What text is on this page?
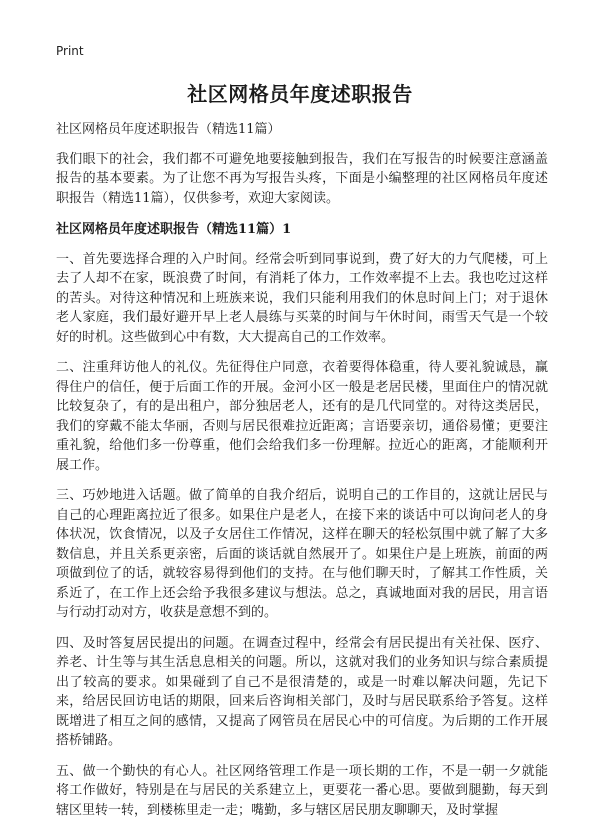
Print
社区网格员年度述职报告

社区网格员年度述职报告（精选11篇）

我们眼下的社会，我们都不可避免地要接触到报告，我们在写报告的时候要注意涵盖报告的基本要素。为了让您不再为写报告头疼，下面是小编整理的社区网格员年度述职报告（精选11篇），仅供参考，欢迎大家阅读。

社区网格员年度述职报告（精选11篇）1

一、首先要选择合理的入户时间。经常会听到同事说到，费了好大的力气爬楼，可上去了人却不在家，既浪费了时间，有消耗了体力，工作效率提不上去。我也吃过这样的苦头。对待这种情况和上班族来说，我们只能利用我们的休息时间上门；对于退休老人家庭，我们最好避开早上老人晨练与买菜的时间与午休时间，雨雪天气是一个较好的时机。这些做到心中有数，大大提高自己的工作效率。

二、注重拜访他人的礼仪。先征得住户同意，衣着要得体稳重，待人要礼貌诚恳，赢得住户的信任，便于后面工作的开展。金河小区一般是老居民楼，里面住户的情况就比较复杂了，有的是出租户，部分独居老人，还有的是几代同堂的。对待这类居民，我们的穿戴不能太华丽，否则与居民很难拉近距离；言语要亲切，通俗易懂；更要注重礼貌，给他们多一份尊重，他们会给我们多一份理解。拉近心的距离，才能顺利开展工作。

三、巧妙地进入话题。做了简单的自我介绍后，说明自己的工作目的，这就让居民与自己的心理距离拉近了很多。如果住户是老人，在接下来的谈话中可以询问老人的身体状况，饮食情况，以及子女居住工作情况，这样在聊天的轻松氛围中就了解了大多数信息，并且关系更亲密，后面的谈话就自然展开了。如果住户是上班族，前面的两项做到位了的话，就较容易得到他们的支持。在与他们聊天时，了解其工作性质，关系近了，在工作上还会给予我很多建议与想法。总之，真诚地面对我的居民，用言语与行动打动对方，收获是意想不到的。

四、及时答复居民提出的问题。在调查过程中，经常会有居民提出有关社保、医疗、养老、计生等与其生活息息相关的问题。所以，这就对我们的业务知识与综合素质提出了较高的要求。如果碰到了自己不是很清楚的，或是一时难以解决问题，先记下来，给居民回访电话的期限，回来后咨询相关部门，及时与居民联系给予答复。这样既增进了相互之间的感情，又提高了网管员在居民心中的可信度。为后期的工作开展搭桥铺路。

五、做一个勤快的有心人。社区网络管理工作是一项长期的工作，不是一朝一夕就能将工作做好，特别是在与居民的关系建立上，更要花一番心思。要做到腿勤，每天到辖区里转一转，到楼栋里走一走；嘴勤，多与辖区居民朋友聊聊天，及时掌握
